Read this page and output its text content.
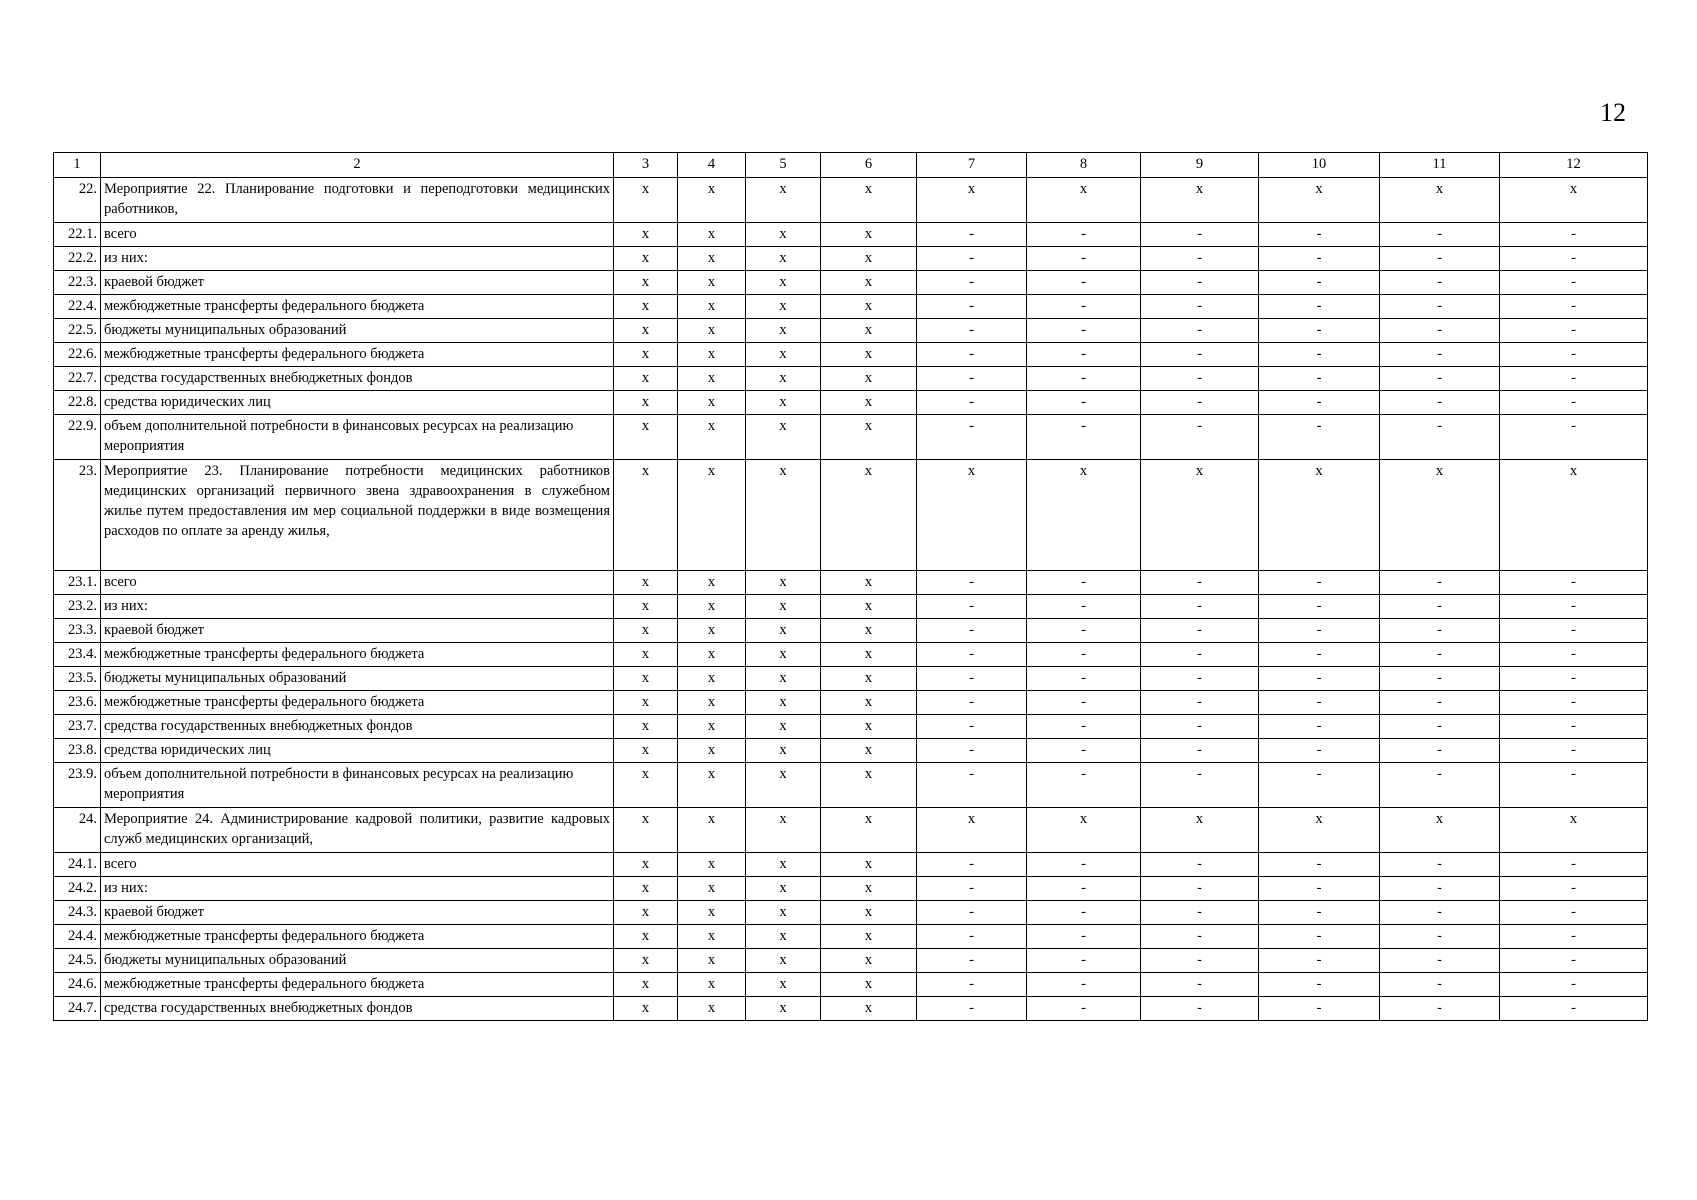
12
1	2	3	4	5	6	7	8	9	10	11	12
22.	Мероприятие 22. Планирование подготовки и переподготовки медицинских работников,	x	x	x	x	x	x	x	x	x	x
22.1.	всего	x	x	x	x	-	-	-	-	-	-
22.2.	из них:	x	x	x	x	-	-	-	-	-	-
22.3.	краевой бюджет	x	x	x	x	-	-	-	-	-	-
22.4.	межбюджетные трансферты федерального бюджета	x	x	x	x	-	-	-	-	-	-
22.5.	бюджеты муниципальных образований	x	x	x	x	-	-	-	-	-	-
22.6.	межбюджетные трансферты федерального бюджета	x	x	x	x	-	-	-	-	-	-
22.7.	средства государственных внебюджетных фондов	x	x	x	x	-	-	-	-	-	-
22.8.	средства юридических лиц	x	x	x	x	-	-	-	-	-	-
22.9.	объем дополнительной потребности в финансовых ресурсах на реализацию мероприятия	x	x	x	x	-	-	-	-	-	-
23.	Мероприятие 23. Планирование потребности медицинских работников медицинских организаций первичного звена здравоохранения в служебном жилье путем предоставления им мер социальной поддержки в виде возмещения расходов по оплате за аренду жилья,	x	x	x	x	x	x	x	x	x	x
23.1.	всего	x	x	x	x	-	-	-	-	-	-
23.2.	из них:	x	x	x	x	-	-	-	-	-	-
23.3.	краевой бюджет	x	x	x	x	-	-	-	-	-	-
23.4.	межбюджетные трансферты федерального бюджета	x	x	x	x	-	-	-	-	-	-
23.5.	бюджеты муниципальных образований	x	x	x	x	-	-	-	-	-	-
23.6.	межбюджетные трансферты федерального бюджета	x	x	x	x	-	-	-	-	-	-
23.7.	средства государственных внебюджетных фондов	x	x	x	x	-	-	-	-	-	-
23.8.	средства юридических лиц	x	x	x	x	-	-	-	-	-	-
23.9.	объем дополнительной потребности в финансовых ресурсах на реализацию мероприятия	x	x	x	x	-	-	-	-	-	-
24.	Мероприятие 24. Администрирование кадровой политики, развитие кадровых служб медицинских организаций,	x	x	x	x	x	x	x	x	x	x
24.1.	всего	x	x	x	x	-	-	-	-	-	-
24.2.	из них:	x	x	x	x	-	-	-	-	-	-
24.3.	краевой бюджет	x	x	x	x	-	-	-	-	-	-
24.4.	межбюджетные трансферты федерального бюджета	x	x	x	x	-	-	-	-	-	-
24.5.	бюджеты муниципальных образований	x	x	x	x	-	-	-	-	-	-
24.6.	межбюджетные трансферты федерального бюджета	x	x	x	x	-	-	-	-	-	-
24.7.	средства государственных внебюджетных фондов	x	x	x	x	-	-	-	-	-	-
